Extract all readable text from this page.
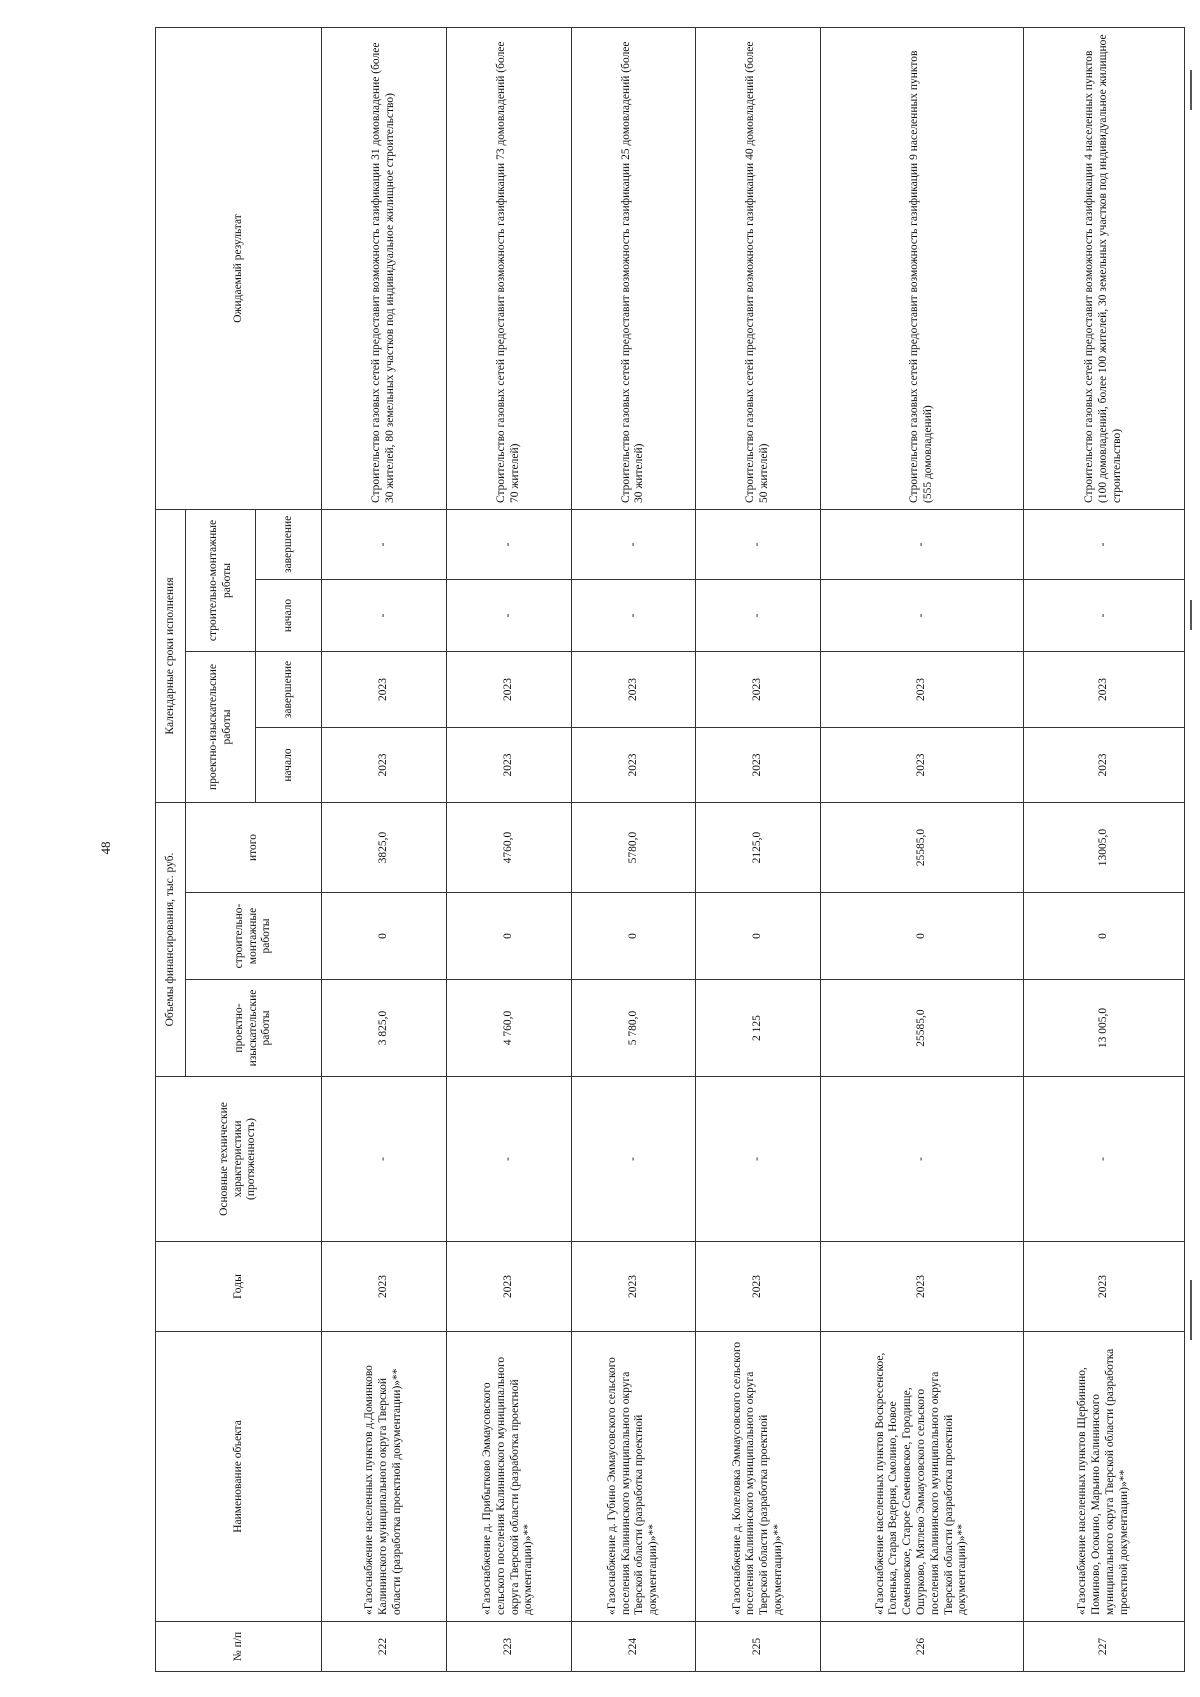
48
№ п/п	Наименование объекта	Годы	Основные технические характеристики (протяженность)	Объемы финансирования, тыс. руб.			Календарные сроки исполнения				Ожидаемый результат
				проектно-изыскательские работы	строительно-монтажные работы	итого	проектно-изыскательские работы		строительно-монтажные работы		
							начало	завершение	начало	завершение	
222	«Газоснабжение населенных пунктов д.Доминково Калининского муниципального округа Тверской области (разработка проектной документации)»**	2023	-	3 825,0	0	3825,0	2023	2023	-	-	Строительство газовых сетей предоставит возможность газификации 31 домовладение (более 30 жителей, 80 земельных участков под индивидуальное жилищное строительство)
223	«Газоснабжение д. Прибытково Эммаусовского сельского поселения Калининского муниципального округа Тверской области (разработка проектной документации)»**	2023	-	4 760,0	0	4760,0	2023	2023	-	-	Строительство газовых сетей предоставит возможность газификации 73 домовладений (более 70 жителей)
224	«Газоснабжение д. Губино Эммаусовского сельского поселения Калининского муниципального округа Тверской области (разработка проектной документации)»**	2023	-	5 780,0	0	5780,0	2023	2023	-	-	Строительство газовых сетей предоставит возможность газификации 25 домовладений (более 30 жителей)
225	«Газоснабжение д. Колеловка Эммаусовского сельского поселения Калининского муниципального округа Тверской области (разработка проектной документации)»**	2023	-	2 125	0	2125,0	2023	2023	-	-	Строительство газовых сетей предоставит возможность газификации 40 домовладений (более 50 жителей)
226	«Газоснабжение населенных пунктов Воскресенское, Голенька, Старая Ведерня, Смолино, Новое Семеновское, Старое Семеновское, Городище, Ошурково, Мятлево Эммаусовского сельского поселения Калининского муниципального округа Тверской области (разработка проектной документации)»**	2023	-	25585,0	0	25585,0	2023	2023	-	-	Строительство газовых сетей предоставит возможность газификации 9 населенных пунктов (555 домовладений)
227	«Газоснабжение населенных пунктов Щербинино, Поминово, Осокино, Марьино Калининского муниципального округа Тверской области (разработка проектной документации)»**	2023	-	13 005,0	0	13005,0	2023	2023	-	-	Строительство газовых сетей предоставит возможность газификации 4 населенных пунктов (100 домовладений, более 100 жителей, 30 земельных участков под индивидуальное жилищное строительство)
